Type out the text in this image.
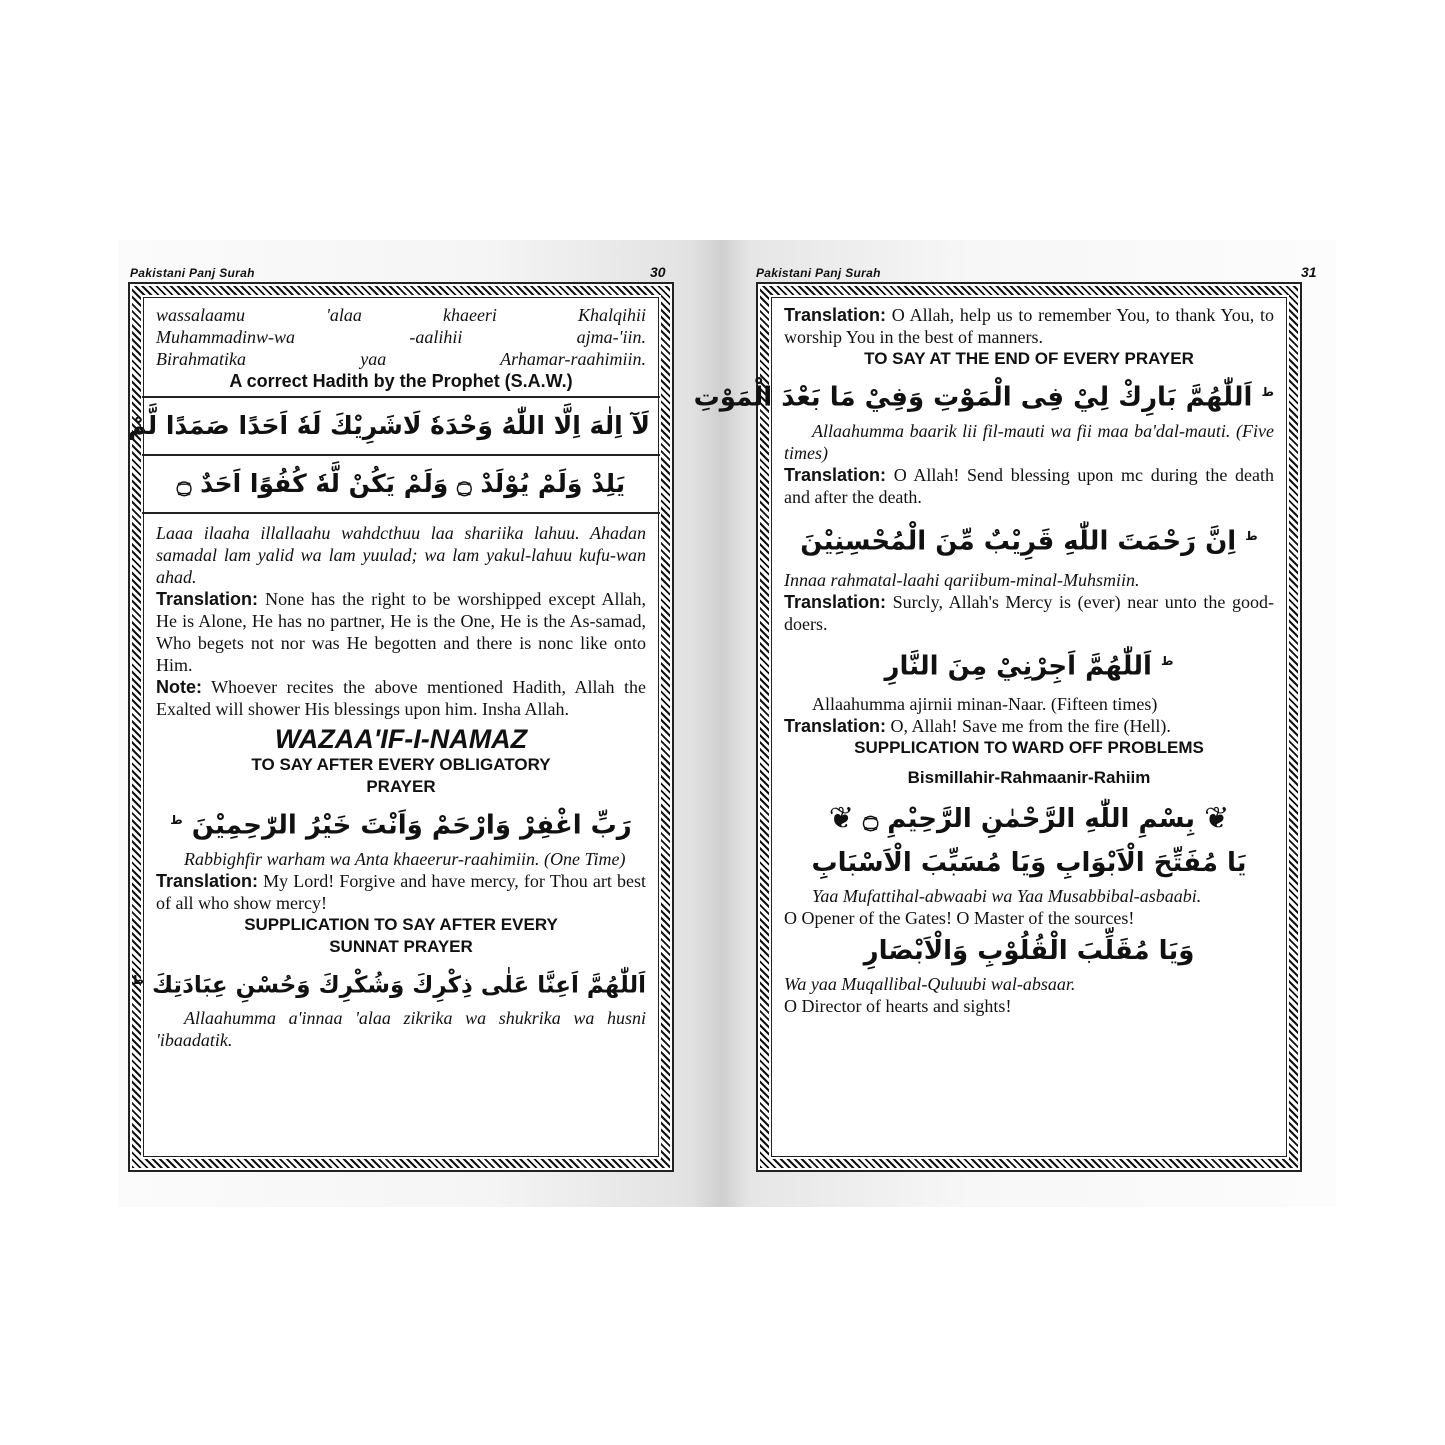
Pakistani Panj Surah	30

wassalaamu 'alaa khaeeri Khalqihii

Muhammadinw-wa -aalihii ajma-'iin.

Birahmatika yaa Arhamar-raahimiin.

A correct Hadith by the Prophet (S.A.W.)

لَآ اِلٰهَ اِلَّا اللّٰهُ وَحْدَهٗ لَاشَرِيْكَ لَهٗ اَحَدًا صَمَدًا لَّمْ
يَلِدْ وَلَمْ يُوْلَدْ ۝ وَلَمْ يَكُنْ لَّهٗ كُفُوًا اَحَدٌ ۝

Laaa ilaaha illallaahu wahdcthuu laa shariika lahuu. Ahadan samadal lam yalid wa lam yuulad; wa lam yakul-lahuu kufu-wan ahad.

Translation: None has the right to be worshipped except Allah, He is Alone, He has no partner, He is the One, He is the As-samad, Who begets not nor was He begotten and there is nonc like onto Him.

Note: Whoever recites the above mentioned Hadith, Allah the Exalted will shower His blessings upon him. Insha Allah.

WAZAA'IF-I-NAMAZ

TO SAY AFTER EVERY OBLIGATORY

PRAYER

رَبِّ اغْفِرْ وَارْحَمْ وَاَنْتَ خَيْرُ الرّٰحِمِيْنَ $^ط$

Rabbighfir warham wa Anta khaeerur-raahimiin. (One Time)

Translation: My Lord! Forgive and have mercy, for Thou art best of all who show mercy!

SUPPLICATION TO SAY AFTER EVERY

SUNNAT PRAYER

اَللّٰهُمَّ اَعِنَّا عَلٰى ذِكْرِكَ وَشُكْرِكَ وَحُسْنِ عِبَادَتِكَ $^ط$

Allaahumma a'innaa 'alaa zikrika wa shukrika wa husni 'ibaadatik.

Pakistani Panj Surah	31

Translation: O Allah, help us to remember You, to thank You, to worship You in the best of manners.

TO SAY AT THE END OF EVERY PRAYER

$^ط$ اَللّٰهُمَّ بَارِكْ لِيْ فِى الْمَوْتِ وَفِيْ مَا بَعْدَ الْمَوْتِ

Allaahumma baarik lii fil-mauti wa fii maa ba'dal-mauti. (Five times)

Translation: O Allah! Send blessing upon mc during the death and after the death.

$^ط$ اِنَّ رَحْمَتَ اللّٰهِ قَرِيْبٌ مِّنَ الْمُحْسِنِيْنَ

Innaa rahmatal-laahi qariibum-minal-Muhsmiin.

Translation: Surcly, Allah's Mercy is (ever) near unto the good-doers.

$^ط$ اَللّٰهُمَّ اَجِرْنِيْ مِنَ النَّارِ

Allaahumma ajirnii minan-Naar. (Fifteen times)

Translation: O, Allah! Save me from the fire (Hell).

SUPPLICATION TO WARD OFF PROBLEMS

Bismillahir-Rahmaanir-Rahiim

❦ بِسْمِ اللّٰهِ الرَّحْمٰنِ الرَّحِيْمِ ۝ ❦
يَا مُفَتِّحَ الْاَبْوَابِ وَيَا مُسَبِّبَ الْاَسْبَابِ

Yaa Mufattihal-abwaabi wa Yaa Musabbibal-asbaabi.

O Opener of the Gates! O Master of the sources!

وَيَا مُقَلِّبَ الْقُلُوْبِ وَالْاَبْصَارِ

Wa yaa Muqallibal-Quluubi wal-absaar.

O Director of hearts and sights!
